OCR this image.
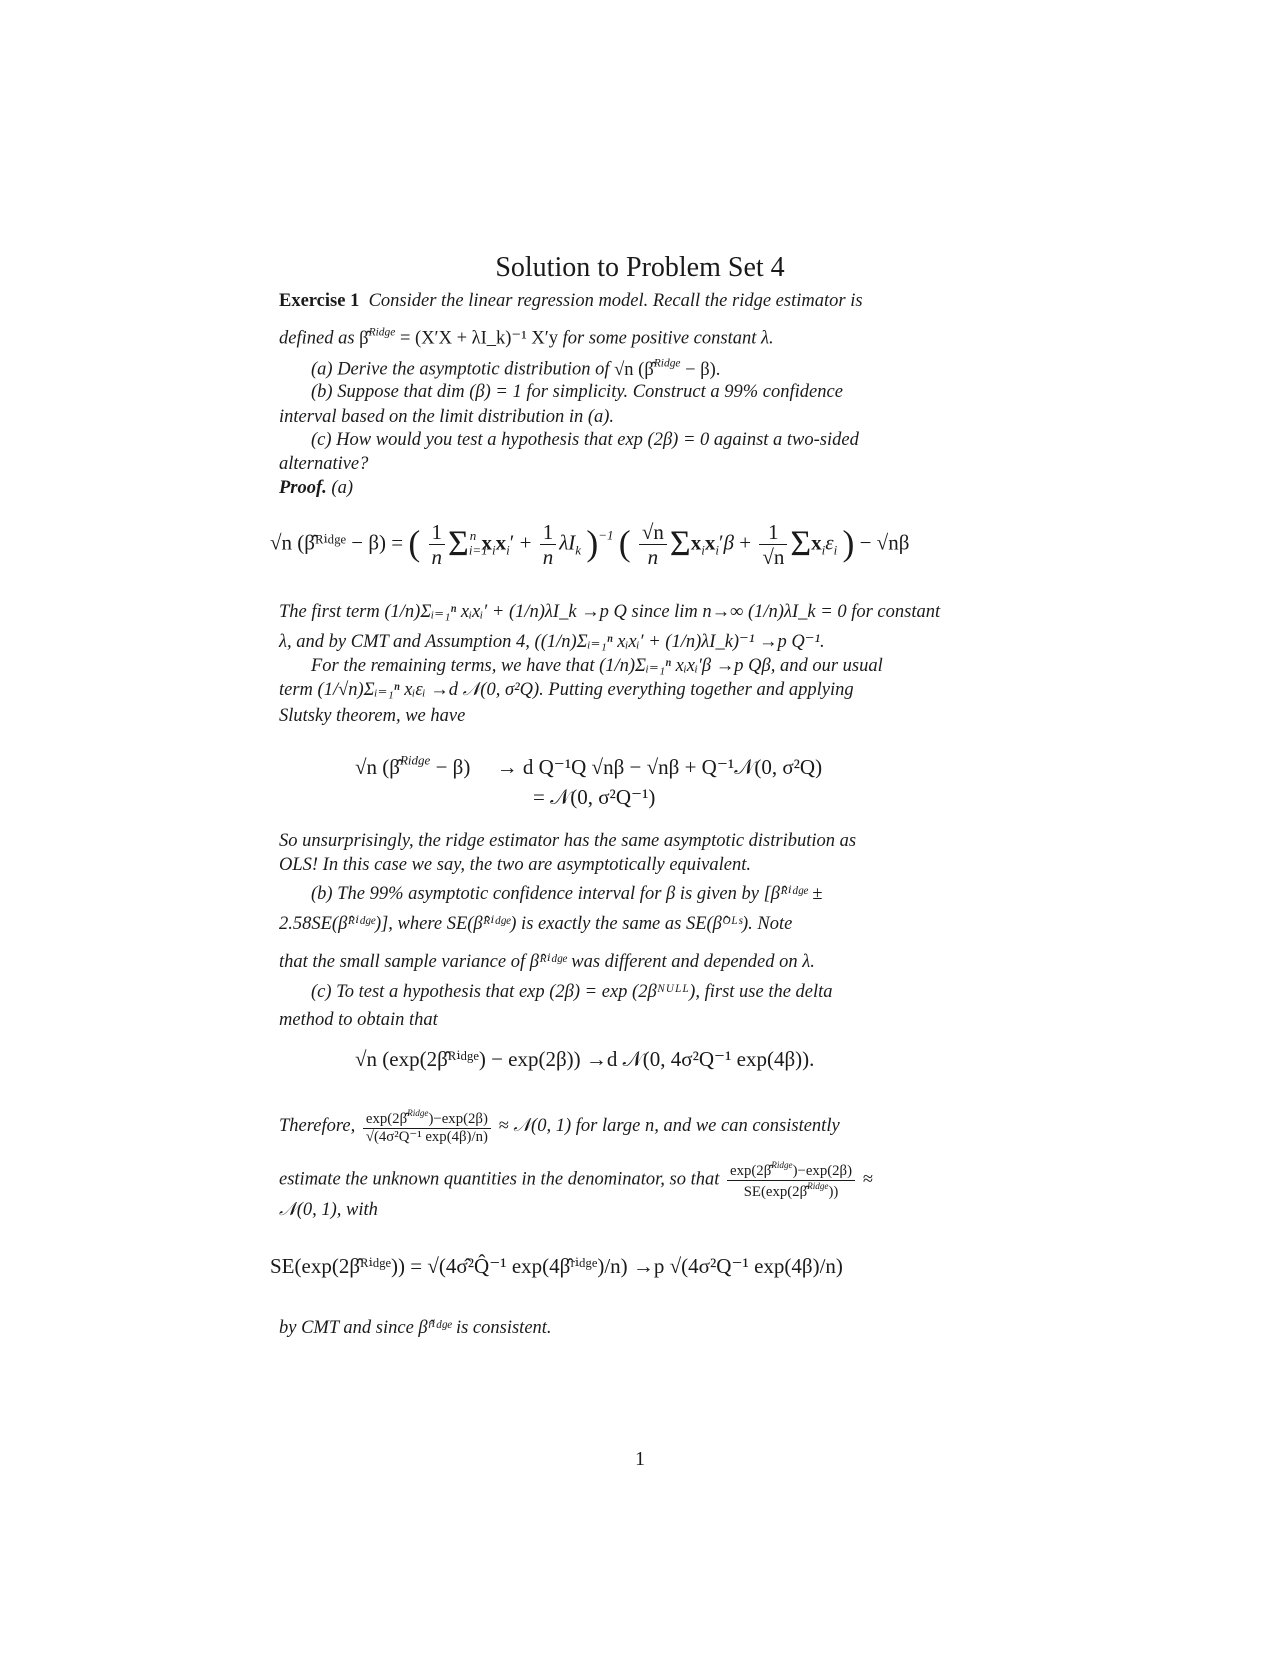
Solution to Problem Set 4
Exercise 1 Consider the linear regression model. Recall the ridge estimator is
defined as β̂$^{Ridge}$ = (X′X + λI_k)⁻¹ X′y for some positive constant λ.
(a) Derive the asymptotic distribution of √n (β̂$^{Ridge}$ − β).
(b) Suppose that dim (β) = 1 for simplicity. Construct a 99% confidence
interval based on the limit distribution in (a).
(c) How would you test a hypothesis that exp (2β) = 0 against a two-sided
alternative?
Proof. (a)
√n (β̂ᴿⁱᵈᵍᵉ − β) = ( $\frac{1}{n} \Sigma_{i=1}^n$ $x_ix_i' + \frac{1}{n} \lambda I_k$ )$^{-1}$ ( $\frac{√n}{n} \Sigma x_ix_i'\beta + \frac{1}{√n} \Sigma x_i\varepsilon_i$ ) − √nβ
The first term (1/n)Σᵢ₌₁ⁿ xᵢxᵢ′ + (1/n)λI_k →p Q since lim n→∞ (1/n)λI_k = 0 for constant
λ, and by CMT and Assumption 4, ((1/n)Σᵢ₌₁ⁿ xᵢxᵢ′ + (1/n)λI_k)⁻¹ →p Q⁻¹.
For the remaining terms, we have that (1/n)Σᵢ₌₁ⁿ xᵢxᵢ′β →p Qβ, and our usual
term (1/√n)Σᵢ₌₁ⁿ xᵢεᵢ →d 𝒩(0, σ²Q). Putting everything together and applying
Slutsky theorem, we have
√n (β̂$^{Ridge}$ − β) → d Q⁻¹Q √nβ − √nβ + Q⁻¹𝒩(0, σ²Q)
= 𝒩(0, σ²Q⁻¹)
So unsurprisingly, the ridge estimator has the same asymptotic distribution as
OLS! In this case we say, the two are asymptotically equivalent.
(b) The 99% asymptotic confidence interval for β is given by [β̂ᴿⁱᵈᵍᵉ ±
2.58SE(β̂ᴿⁱᵈᵍᵉ)], where SE(β̂ᴿⁱᵈᵍᵉ) is exactly the same as SE(β̂ᴼᴸˢ). Note
that the small sample variance of β̂ᴿⁱᵈᵍᵉ was different and depended on λ.
(c) To test a hypothesis that exp (2β) = exp (2βᴺᵁᴸᴸ), first use the delta
method to obtain that
√n (exp(2β̂ᴿⁱᵈᵍᵉ) − exp(2β)) →d 𝒩(0, 4σ²Q⁻¹ exp(4β)).
Therefore, $\frac{\exp(2\betâ^{Ridge})-\exp(2\beta)}{\text{√(4σ²Q⁻¹ exp(4β)/n)}}$ ≈ 𝒩(0, 1) for large n, and we can consistently
estimate the unknown quantities in the denominator, so that $\frac{\exp(2\betâ^{Ridge})-\exp(2\beta)}{SE(\exp(2\betâ^{Ridge}))}$ ≈
𝒩(0, 1), with
SE(exp(2β̂ᴿⁱᵈᵍᵉ)) = √(4σ̂²Q̂⁻¹ exp(4β̂ʳⁱᵈᵍᵉ)/n) →p √(4σ²Q⁻¹ exp(4β)/n)
by CMT and since β̂ʳⁱᵈᵍᵉ is consistent.
1
